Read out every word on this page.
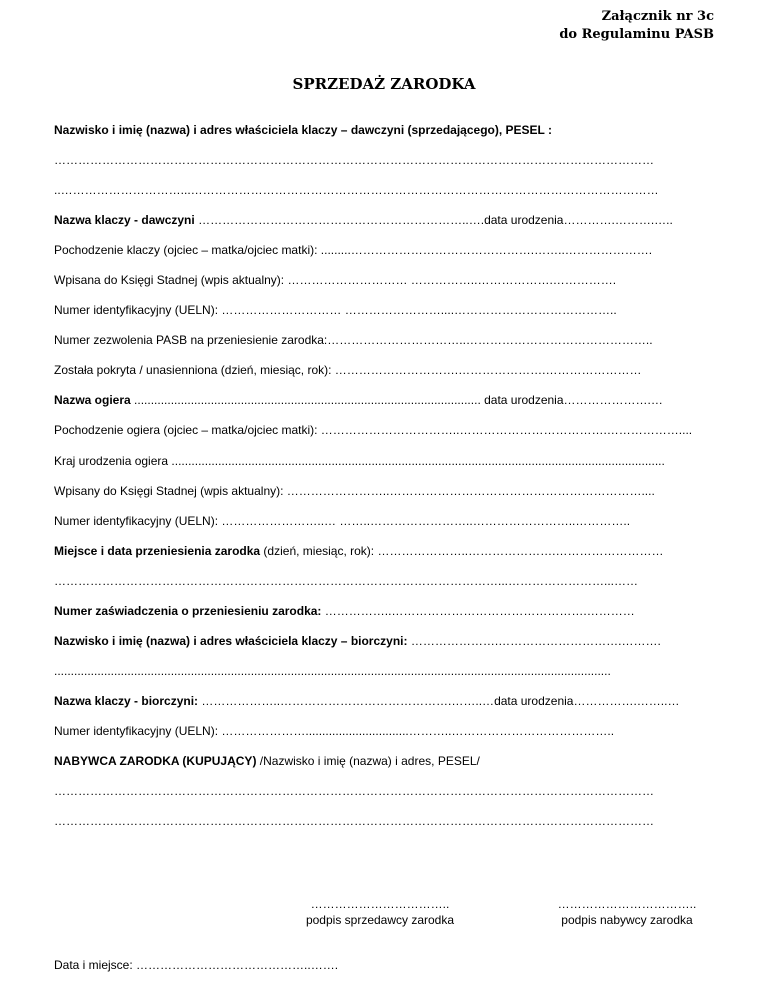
Załącznik nr 3c
do Regulaminu PASB
SPRZEDAŻ ZARODKA
Nazwisko i imię (nazwa) i adres właściciela klaczy – dawczyni (sprzedającego), PESEL :
……………………………………………………………………………………………………………………………………
..…………………………...………………………………………………………………………………………………………
Nazwa klaczy - dawczyni …………………………………………………………..….data urodzenia………….……….…..
Pochodzenie klaczy (ojciec – matka/ojciec matki): .........……………………………………….……..………………….
Wpisana do Księgi Stadnej (wpis aktualny): ………………………… ……………..……………….…………….
Numer identyfikacyjny (UELN): ………………………… ……………………....…………………………………..
Numer zezwolenia PASB na przeniesienie zarodka:……………………………..………………………………………..
Została pokryta / unasienniona (dzień, miesiąc, rok): ………………………….………………….……………………
Nazwa ogiera ........................................................................................................ data urodzenia………………….…
Pochodzenie ogiera (ojciec – matka/ojciec matki): ……………………………..……………………………….………………....
Kraj urodzenia ogiera ....................................................................................................................................................
Wpisany do Księgi Stadnej (wpis aktualny): ……………………..………………………………………………………....
Numer identyfikacyjny (UELN): ……………………..… ……..……………………..……………………..…………..
Miejsce i data przeniesienia zarodka (dzień, miesiąc, rok): …………………..………………….………………………
…………………………………………………………………………………………………...……………………...……
Numer zaświadczenia o przeniesieniu zarodka: ……………..………………………………………….…………
Nazwisko i imię (nazwa) i adres właściciela klaczy – biorczyni: ………………….………………………….……….
.......................................................................................................................................................................
Nazwa klaczy - biorczyni: ………………..…………………………………….……..…data urodzenia…………….……..…
Numer identyfikacyjny (UELN): …………………...............................………..…………………………………..
NABYWCA ZARODKA (KUPUJĄCY) /Nazwisko i imię (nazwa) i adres, PESEL/
……………………………………………………………………………………………………………………………………
……………………………………………………………………………………………………………………………………
……………………………..
podpis sprzedawcy zarodka
……………………………..
podpis nabywcy zarodka
Data i miejsce: ……………………………………..…….
